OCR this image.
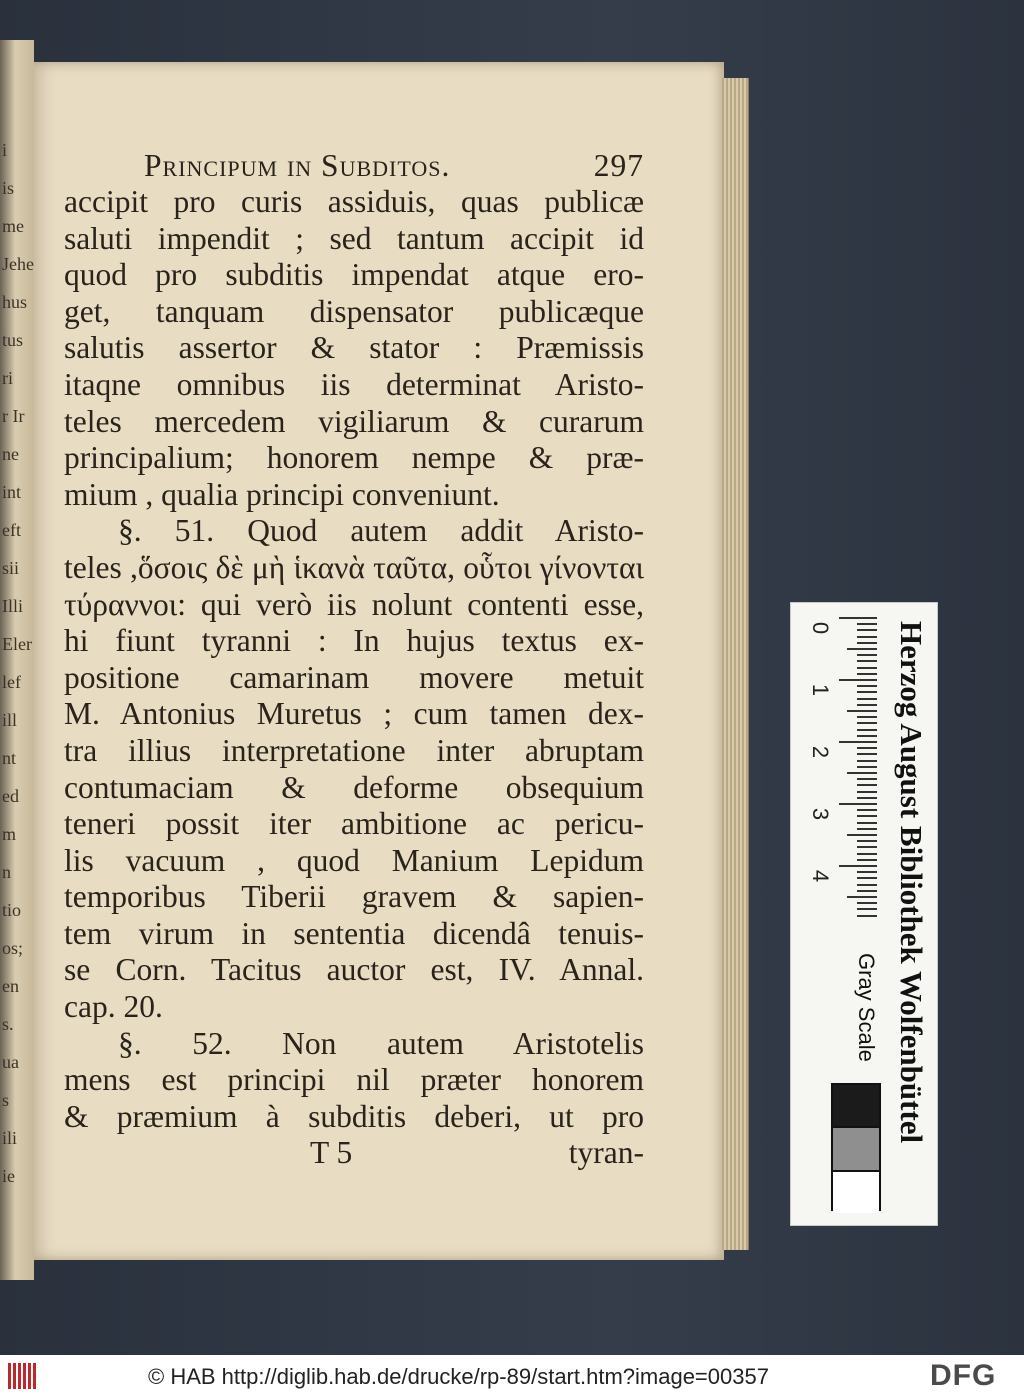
i
is
me
Jehe
hus
tus
ri
r Ir
ne
int
eft
sii
Illi
Eler
lef
ill
nt
ed
m
n
tio
os;
en
s.
ua
s
ili
ie
Principum in Subditos.	297
accipit pro curis assiduis, quas publicæ
saluti impendit ; sed tantum accipit id
quod pro subditis impendat atque ero-
get, tanquam dispensator publicæque
salutis assertor & stator : Præmissis
itaqne omnibus iis determinat Aristo-
teles mercedem vigiliarum & curarum
principalium; honorem nempe & præ-
mium , qualia principi conveniunt.
§. 51. Quod autem addit Aristo-
teles ,ὅσοις δὲ μὴ ἱκανὰ ταῦτα, οὗτοι γίνονται
τύραννοι: qui verò iis nolunt contenti esse,
hi fiunt tyranni : In hujus textus ex-
positione camarinam movere metuit
M. Antonius Muretus ; cum tamen dex-
tra illius interpretatione inter abruptam
contumaciam & deforme obsequium
teneri possit iter ambitione ac pericu-
lis vacuum , quod Manium Lepidum
temporibus Tiberii gravem & sapien-
tem virum in sententia dicendâ tenuis-
se Corn. Tacitus auctor est, IV. Annal.
cap. 20.
§. 52. Non autem Aristotelis
mens est principi nil præter honorem
& præmium à subditis deberi, ut pro
T 5	tyran-
0
1
2
3
4
Gray Scale Herzog August Bibliothek Wolfenbüttel
© HAB http://diglib.hab.de/drucke/rp-89/start.htm?image=00357	DFG
